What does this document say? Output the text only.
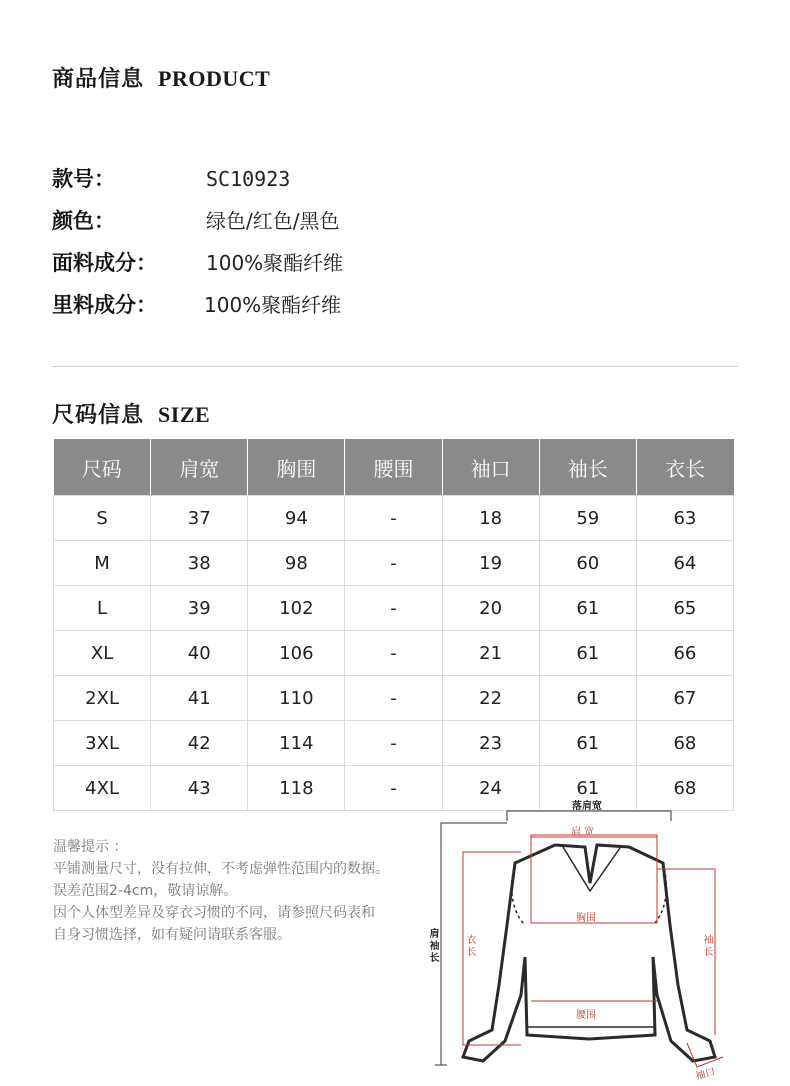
商品信息 PRODUCT
款号：	SC10923
颜色：	绿色/红色/黑色
面料成分： 100%聚酯纤维
里料成分： 100%聚酯纤维
尺码信息 SIZE
尺码	肩宽	胸围	腰围	袖口	袖长	衣长
S	37	94	-	18	59	63
M	38	98	-	19	60	64
L	39	102	-	20	61	65
XL	40	106	-	21	61	66
2XL	41	110	-	22	61	67
3XL	42	114	-	23	61	68
4XL	43	118	-	24	61	68
温馨提示 ：
平铺测量尺寸，没有拉伸，不考虑弹性范围内的数据。
误差范围2-4cm，敬请谅解。
因个人体型差异及穿衣习惯的不同，请参照尺码表和
自身习惯选择，如有疑问请联系客服。
落肩宽
肩 宽
胸围
腰围
衣长
袖长
肩袖长
袖口
